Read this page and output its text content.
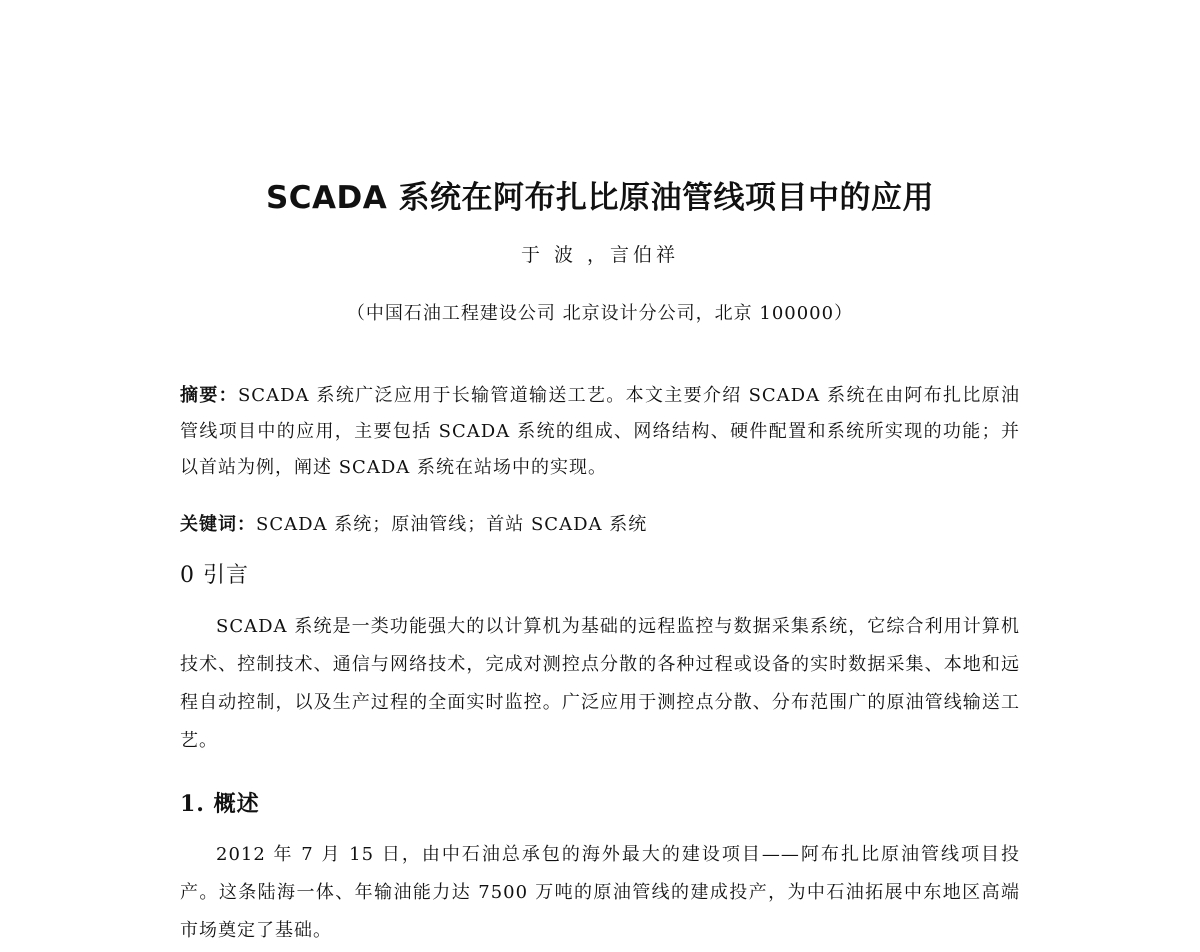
SCADA 系统在阿布扎比原油管线项目中的应用
于 波 ，言伯祥
（中国石油工程建设公司 北京设计分公司，北京 100000）
摘要：SCADA 系统广泛应用于长输管道输送工艺。本文主要介绍 SCADA 系统在由阿布扎比原油管线项目中的应用，主要包括 SCADA 系统的组成、网络结构、硬件配置和系统所实现的功能；并以首站为例，阐述 SCADA 系统在站场中的实现。
关键词：SCADA 系统；原油管线；首站 SCADA 系统
0 引言
SCADA 系统是一类功能强大的以计算机为基础的远程监控与数据采集系统，它综合利用计算机技术、控制技术、通信与网络技术，完成对测控点分散的各种过程或设备的实时数据采集、本地和远程自动控制，以及生产过程的全面实时监控。广泛应用于测控点分散、分布范围广的原油管线输送工艺。
1. 概述
2012 年 7 月 15 日，由中石油总承包的海外最大的建设项目——阿布扎比原油管线项目投产。这条陆海一体、年输油能力达 7500 万吨的原油管线的建成投产，为中石油拓展中东地区高端市场奠定了基础。
